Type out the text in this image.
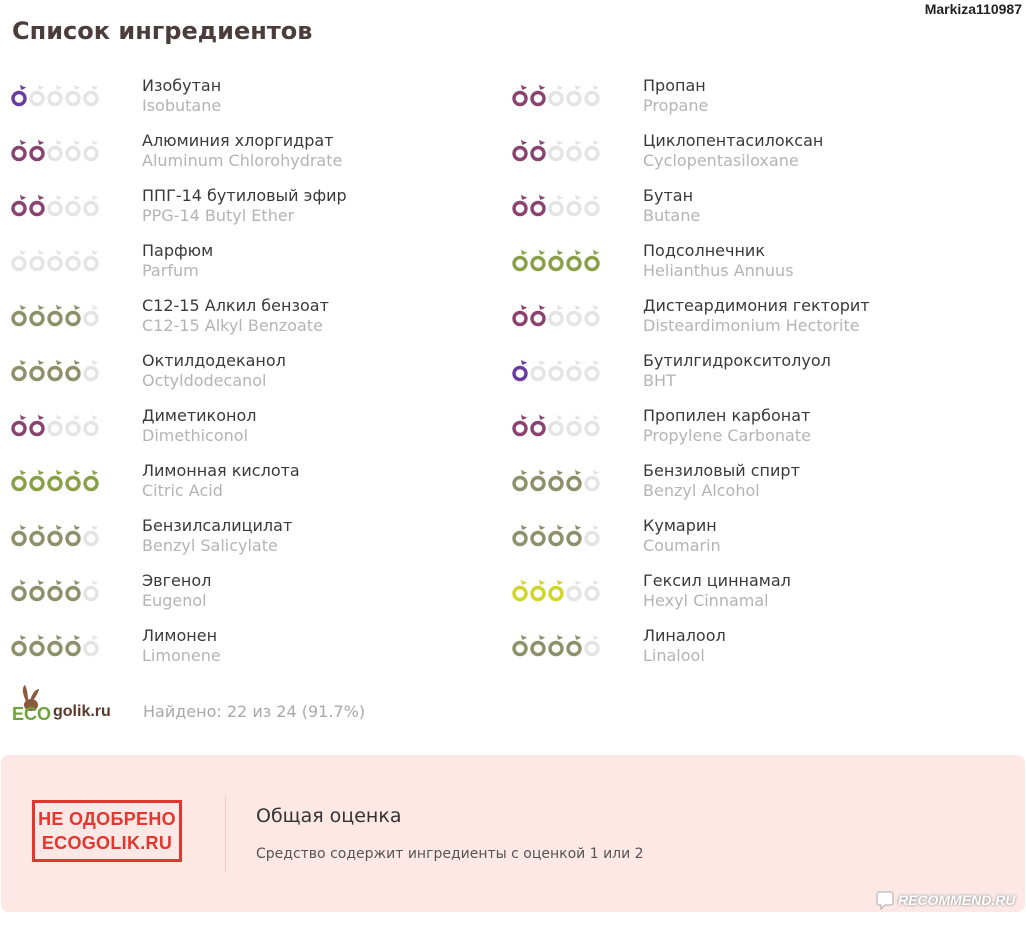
Markiza110987
Список ингредиентов
Изобутан
Isobutane
Алюминия хлоргидрат
Aluminum Chlorohydrate
ППГ-14 бутиловый эфир
PPG-14 Butyl Ether
Парфюм
Parfum
C12-15 Алкил бензоат
C12-15 Alkyl Benzoate
Октилдодеканол
Octyldodecanol
Диметиконол
Dimethiconol
Лимонная кислота
Citric Acid
Бензилсалицилат
Benzyl Salicylate
Эвгенол
Eugenol
Лимонен
Limonene
Пропан
Propane
Циклопентасилоксан
Cyclopentasiloxane
Бутан
Butane
Подсолнечник
Helianthus Annuus
Дистеардимония гекторит
Disteardimonium Hectorite
Бутилгидрокситолуол
BHT
Пропилен карбонат
Propylene Carbonate
Бензиловый спирт
Benzyl Alcohol
Кумарин
Coumarin
Гексил циннамал
Hexyl Cinnamal
Линалоол
Linalool
ECO golik.ru Найдено: 22 из 24 (91.7%)
НЕ ОДОБРЕНО
ECOGOLIK.RU
Общая оценка
Средство содержит ингредиенты с оценкой 1 или 2
RECOMMEND.RU
